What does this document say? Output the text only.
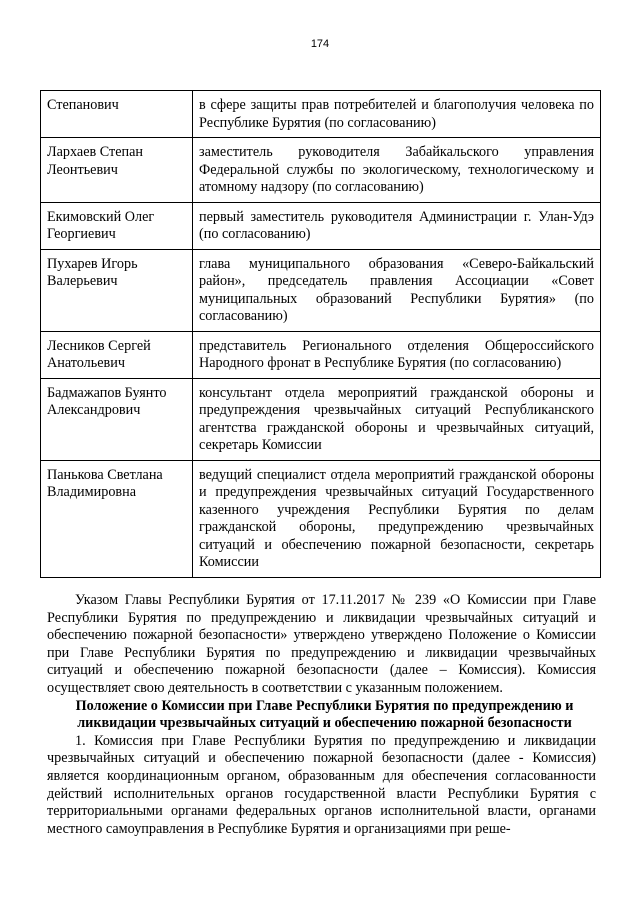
174
Степанович	в сфере защиты прав потребителей и благополучия человека по Республике Бурятия (по согласованию)
Лархаев Степан Леонтьевич	заместитель руководителя Забайкальского управления Федеральной службы по экологическому, технологическому и атомному надзору (по согласованию)
Екимовский Олег Георгиевич	первый заместитель руководителя Администрации г. Улан-Удэ (по согласованию)
Пухарев Игорь Валерьевич	глава муниципального образования «Северо-Байкальский район», председатель правления Ассоциации «Совет муниципальных образований Республики Бурятия» (по согласованию)
Лесников Сергей Анатольевич	представитель Регионального отделения Общероссийского Народного фронат в Республике Бурятия (по согласованию)
Бадмажапов Буянто Александрович	консультант отдела мероприятий гражданской обороны и предупреждения чрезвычайных ситуаций Республиканского агентства гражданской обороны и чрезвычайных ситуаций, секретарь Комиссии
Панькова Светлана Владимировна	ведущий специалист отдела мероприятий гражданской обороны и предупреждения чрезвычайных ситуаций Государственного казенного учреждения Республики Бурятия по делам гражданской обороны, предупреждению чрезвычайных ситуаций и обеспечению пожарной безопасности, секретарь Комиссии

Указом Главы Республики Бурятия от 17.11.2017 № 239 «О Комиссии при Главе Республики Бурятия по предупреждению и ликвидации чрезвычайных ситуаций и обеспечению пожарной безопасности» утверждено утверждено Положение о Комиссии при Главе Республики Бурятия по предупреждению и ликвидации чрезвычайных ситуаций и обеспечению пожарной безопасности (далее – Комиссия). Комиссия осуществляет свою деятельность в соответствии с указанным положением.

Положение о Комиссии при Главе Республики Бурятия по предупреждению и ликвидации чрезвычайных ситуаций и обеспечению пожарной безопасности

1. Комиссия при Главе Республики Бурятия по предупреждению и ликвидации чрезвычайных ситуаций и обеспечению пожарной безопасности (далее - Комиссия) является координационным органом, образованным для обеспечения согласованности действий исполнительных органов государственной власти Республики Бурятия с территориальными органами федеральных органов исполнительной власти, органами местного самоуправления в Республике Бурятия и организациями при реше-
